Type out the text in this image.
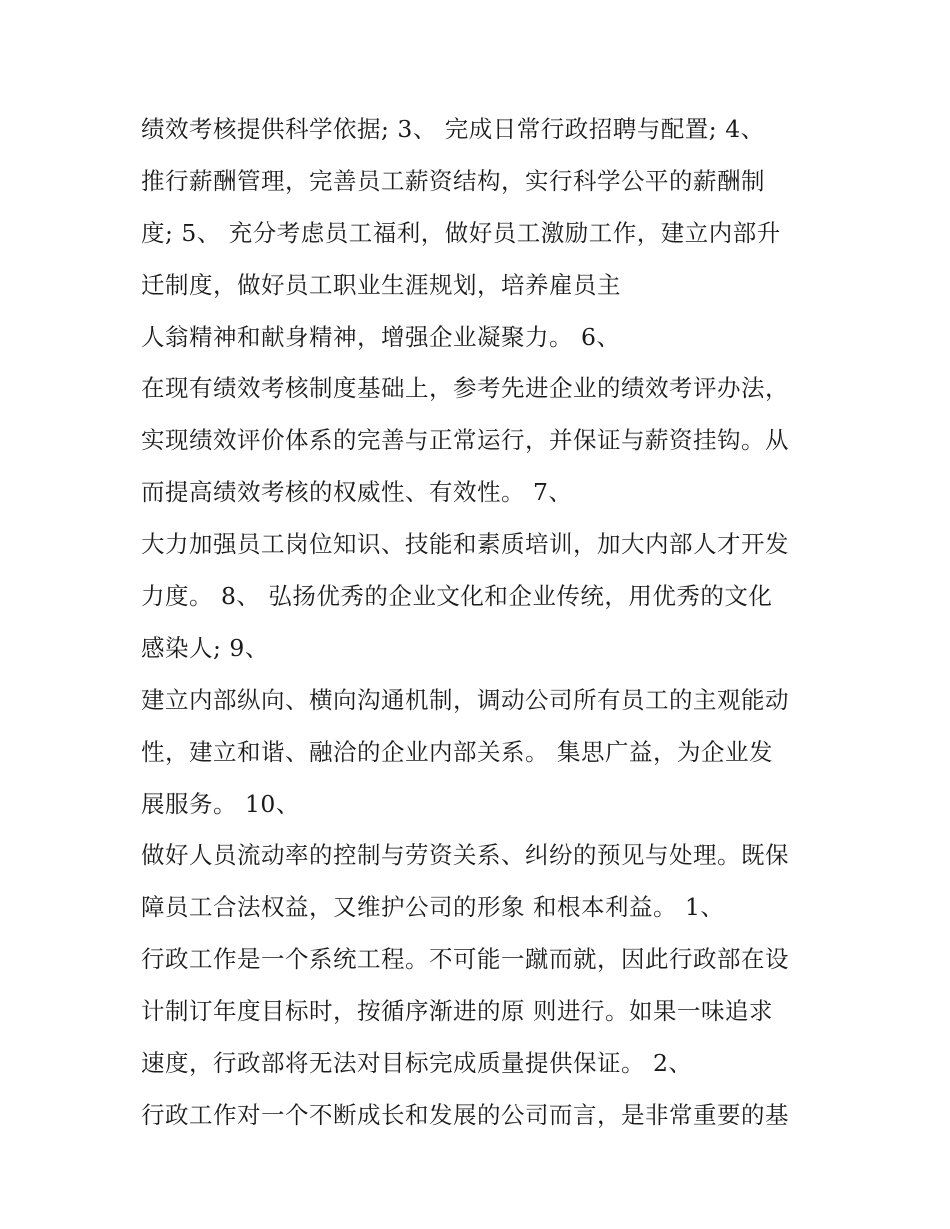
绩效考核提供科学依据; 3、 完成日常行政招聘与配置; 4、
推行薪酬管理，完善员工薪资结构，实行科学公平的薪酬制
度; 5、 充分考虑员工福利，做好员工激励工作，建立内部升
迁制度，做好员工职业生涯规划，培养雇员主
人翁精神和献身精神，增强企业凝聚力。 6、
在现有绩效考核制度基础上，参考先进企业的绩效考评办法，
实现绩效评价体系的完善与正常运行，并保证与薪资挂钩。从
而提高绩效考核的权威性、有效性。 7、
大力加强员工岗位知识、技能和素质培训，加大内部人才开发
力度。 8、 弘扬优秀的企业文化和企业传统，用优秀的文化
感染人; 9、
建立内部纵向、横向沟通机制，调动公司所有员工的主观能动
性，建立和谐、融洽的企业内部关系。 集思广益，为企业发
展服务。 10、
做好人员流动率的控制与劳资关系、纠纷的预见与处理。既保
障员工合法权益，又维护公司的形象 和根本利益。 1、
行政工作是一个系统工程。不可能一蹴而就，因此行政部在设
计制订年度目标时，按循序渐进的原 则进行。如果一味追求
速度，行政部将无法对目标完成质量提供保证。 2、
行政工作对一个不断成长和发展的公司而言，是非常重要的基
